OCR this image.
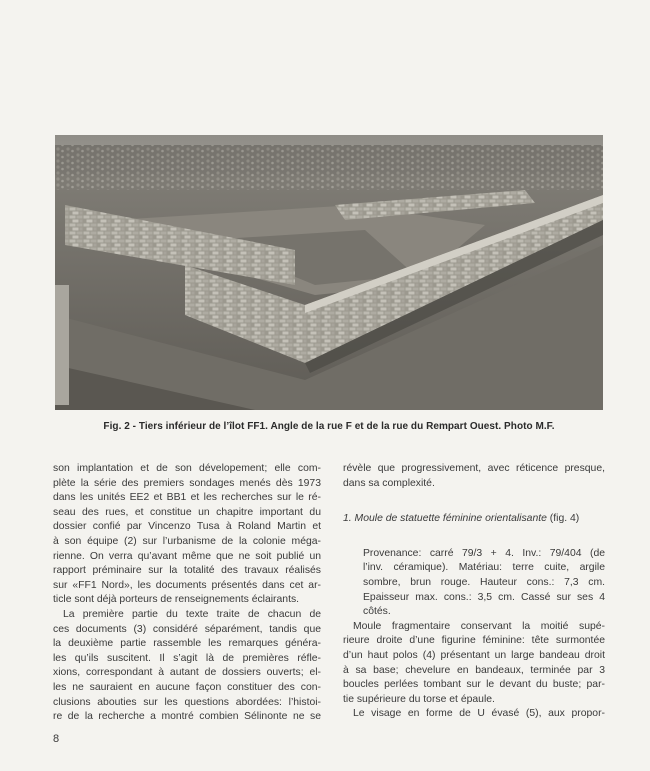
Fig. 2 - Tiers inférieur de l’îlot FF1. Angle de la rue F et de la rue du Rempart Ouest. Photo M.F.
son implantation et de son dévelopement; elle com-
plète la série des premiers sondages menés dès 1973
dans les unités EE2 et BB1 et les recherches sur le ré-
seau des rues, et constitue un chapitre important du
dossier confié par Vincenzo Tusa à Roland Martin et
à son équipe (2) sur l’urbanisme de la colonie méga-
rienne. On verra qu’avant même que ne soit publié un
rapport préminaire sur la totalité des travaux réalisés
sur «FF1 Nord», les documents présentés dans cet ar-
ticle sont déjà porteurs de renseignements éclairants.
La première partie du texte traite de chacun de
ces documents (3) considéré séparément, tandis que
la deuxième partie rassemble les remarques généra-
les qu’ils suscitent. Il s’agit là de premières réfle-
xions, correspondant à autant de dossiers ouverts; el-
les ne sauraient en aucune façon constituer des con-
clusions abouties sur les questions abordées: l’histoi-
re de la recherche a montré combien Sélinonte ne se
révèle que progressivement, avec réticence presque,
dans sa complexité.
1. Moule de statuette féminine orientalisante (fig. 4)
Provenance: carré 79/3 + 4. Inv.: 79/404 (de
l’inv. céramique). Matériau: terre cuite, argile
sombre, brun rouge. Hauteur cons.: 7,3 cm.
Epaisseur max. cons.: 3,5 cm. Cassé sur ses 4
côtés.
Moule fragmentaire conservant la moitié supé-
rieure droite d’une figurine féminine: tête surmontée
d’un haut polos (4) présentant un large bandeau droit
à sa base; chevelure en bandeaux, terminée par 3
boucles perlées tombant sur le devant du buste; par-
tie supérieure du torse et épaule.
Le visage en forme de U évasé (5), aux propor-
8
